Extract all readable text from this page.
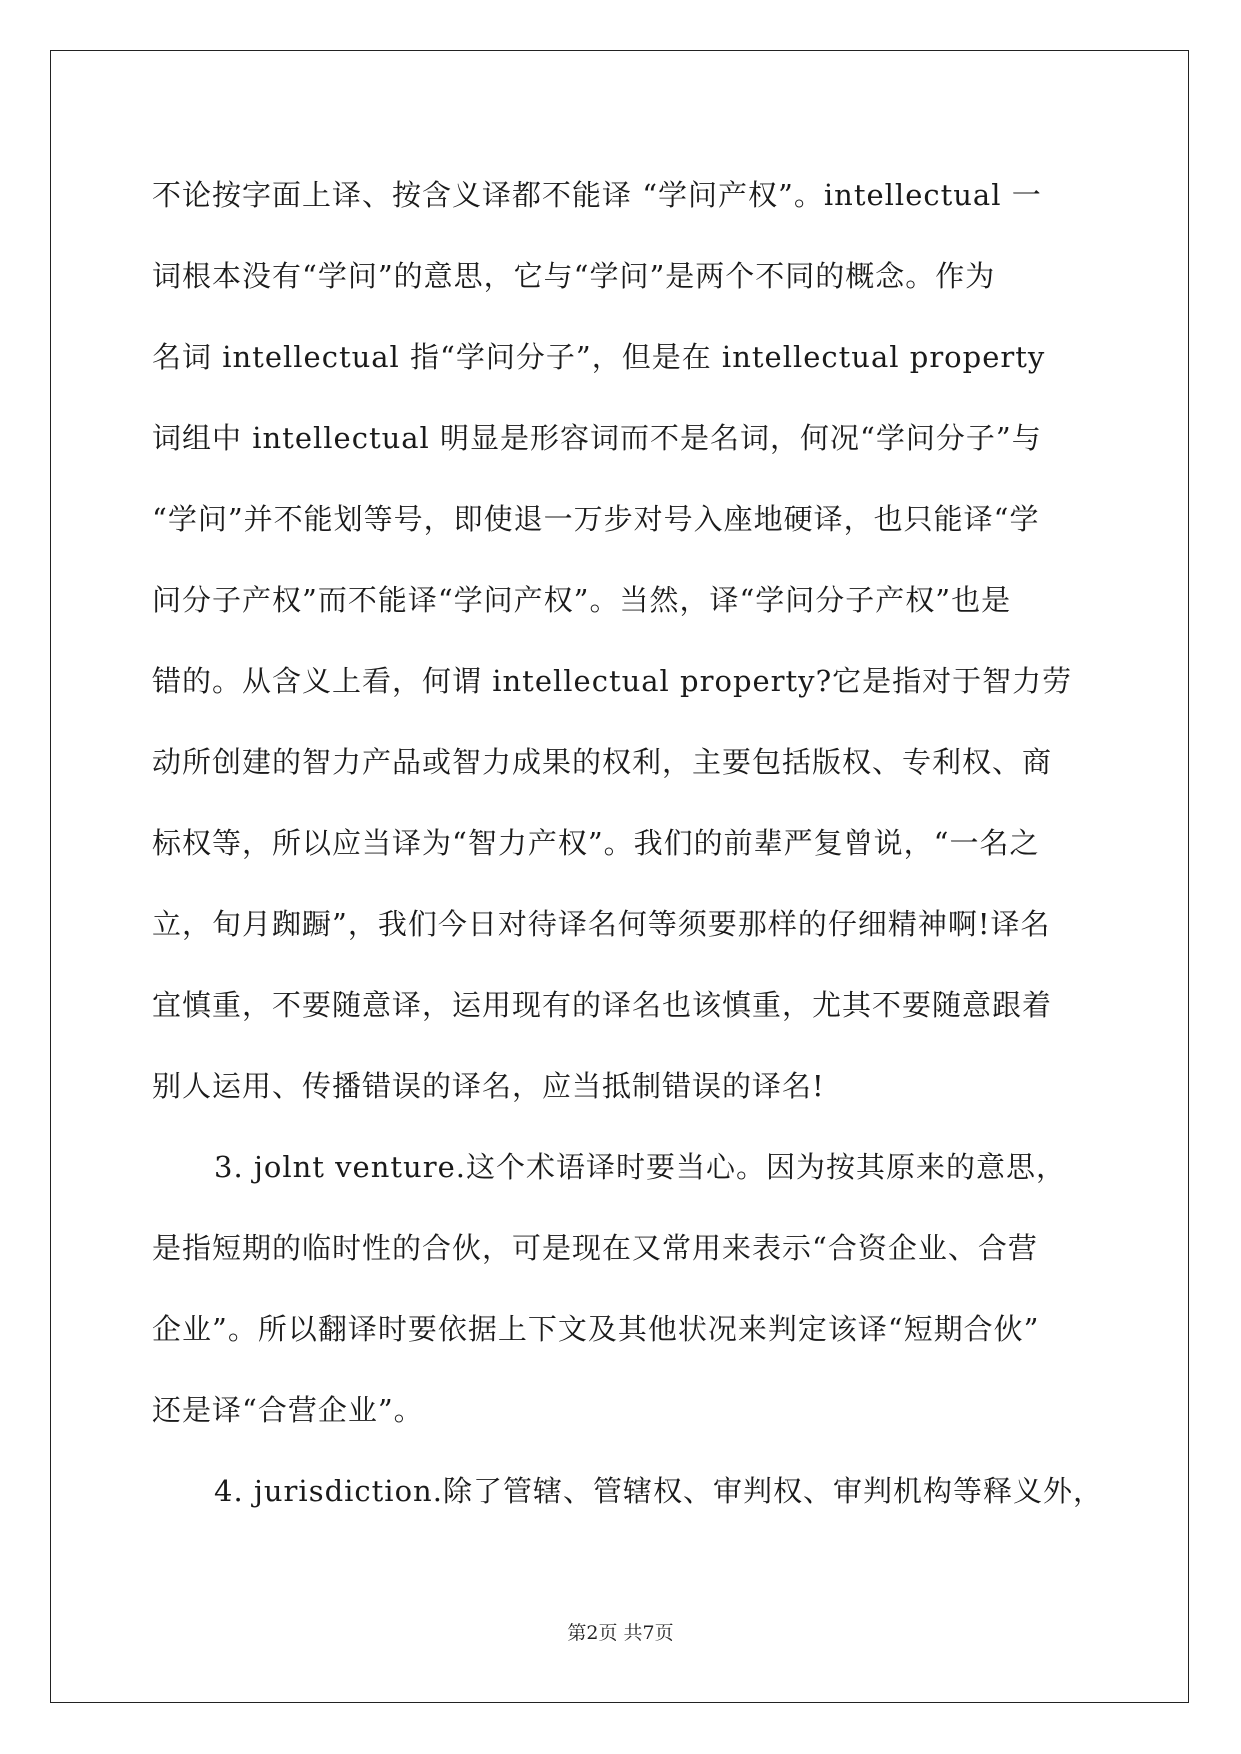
不论按字面上译、按含义译都不能译 “学问产权”。intellectual 一
词根本没有“学问”的意思，它与“学问”是两个不同的概念。作为
名词 intellectual 指“学问分子”，但是在 intellectual property
词组中 intellectual 明显是形容词而不是名词，何况“学问分子”与
“学问”并不能划等号，即使退一万步对号入座地硬译，也只能译“学
问分子产权”而不能译“学问产权”。当然，译“学问分子产权”也是
错的。从含义上看，何谓 intellectual property?它是指对于智力劳
动所创建的智力产品或智力成果的权利，主要包括版权、专利权、商
标权等，所以应当译为“智力产权”。我们的前辈严复曾说，“一名之
立，旬月踟蹰”，我们今日对待译名何等须要那样的仔细精神啊!译名
宜慎重，不要随意译，运用现有的译名也该慎重，尤其不要随意跟着
别人运用、传播错误的译名，应当抵制错误的译名!
3. jolnt venture.这个术语译时要当心。因为按其原来的意思，
是指短期的临时性的合伙，可是现在又常用来表示“合资企业、合营
企业”。所以翻译时要依据上下文及其他状况来判定该译“短期合伙”
还是译“合营企业”。
4. jurisdiction.除了管辖、管辖权、审判权、审判机构等释义外，
第2页 共7页
